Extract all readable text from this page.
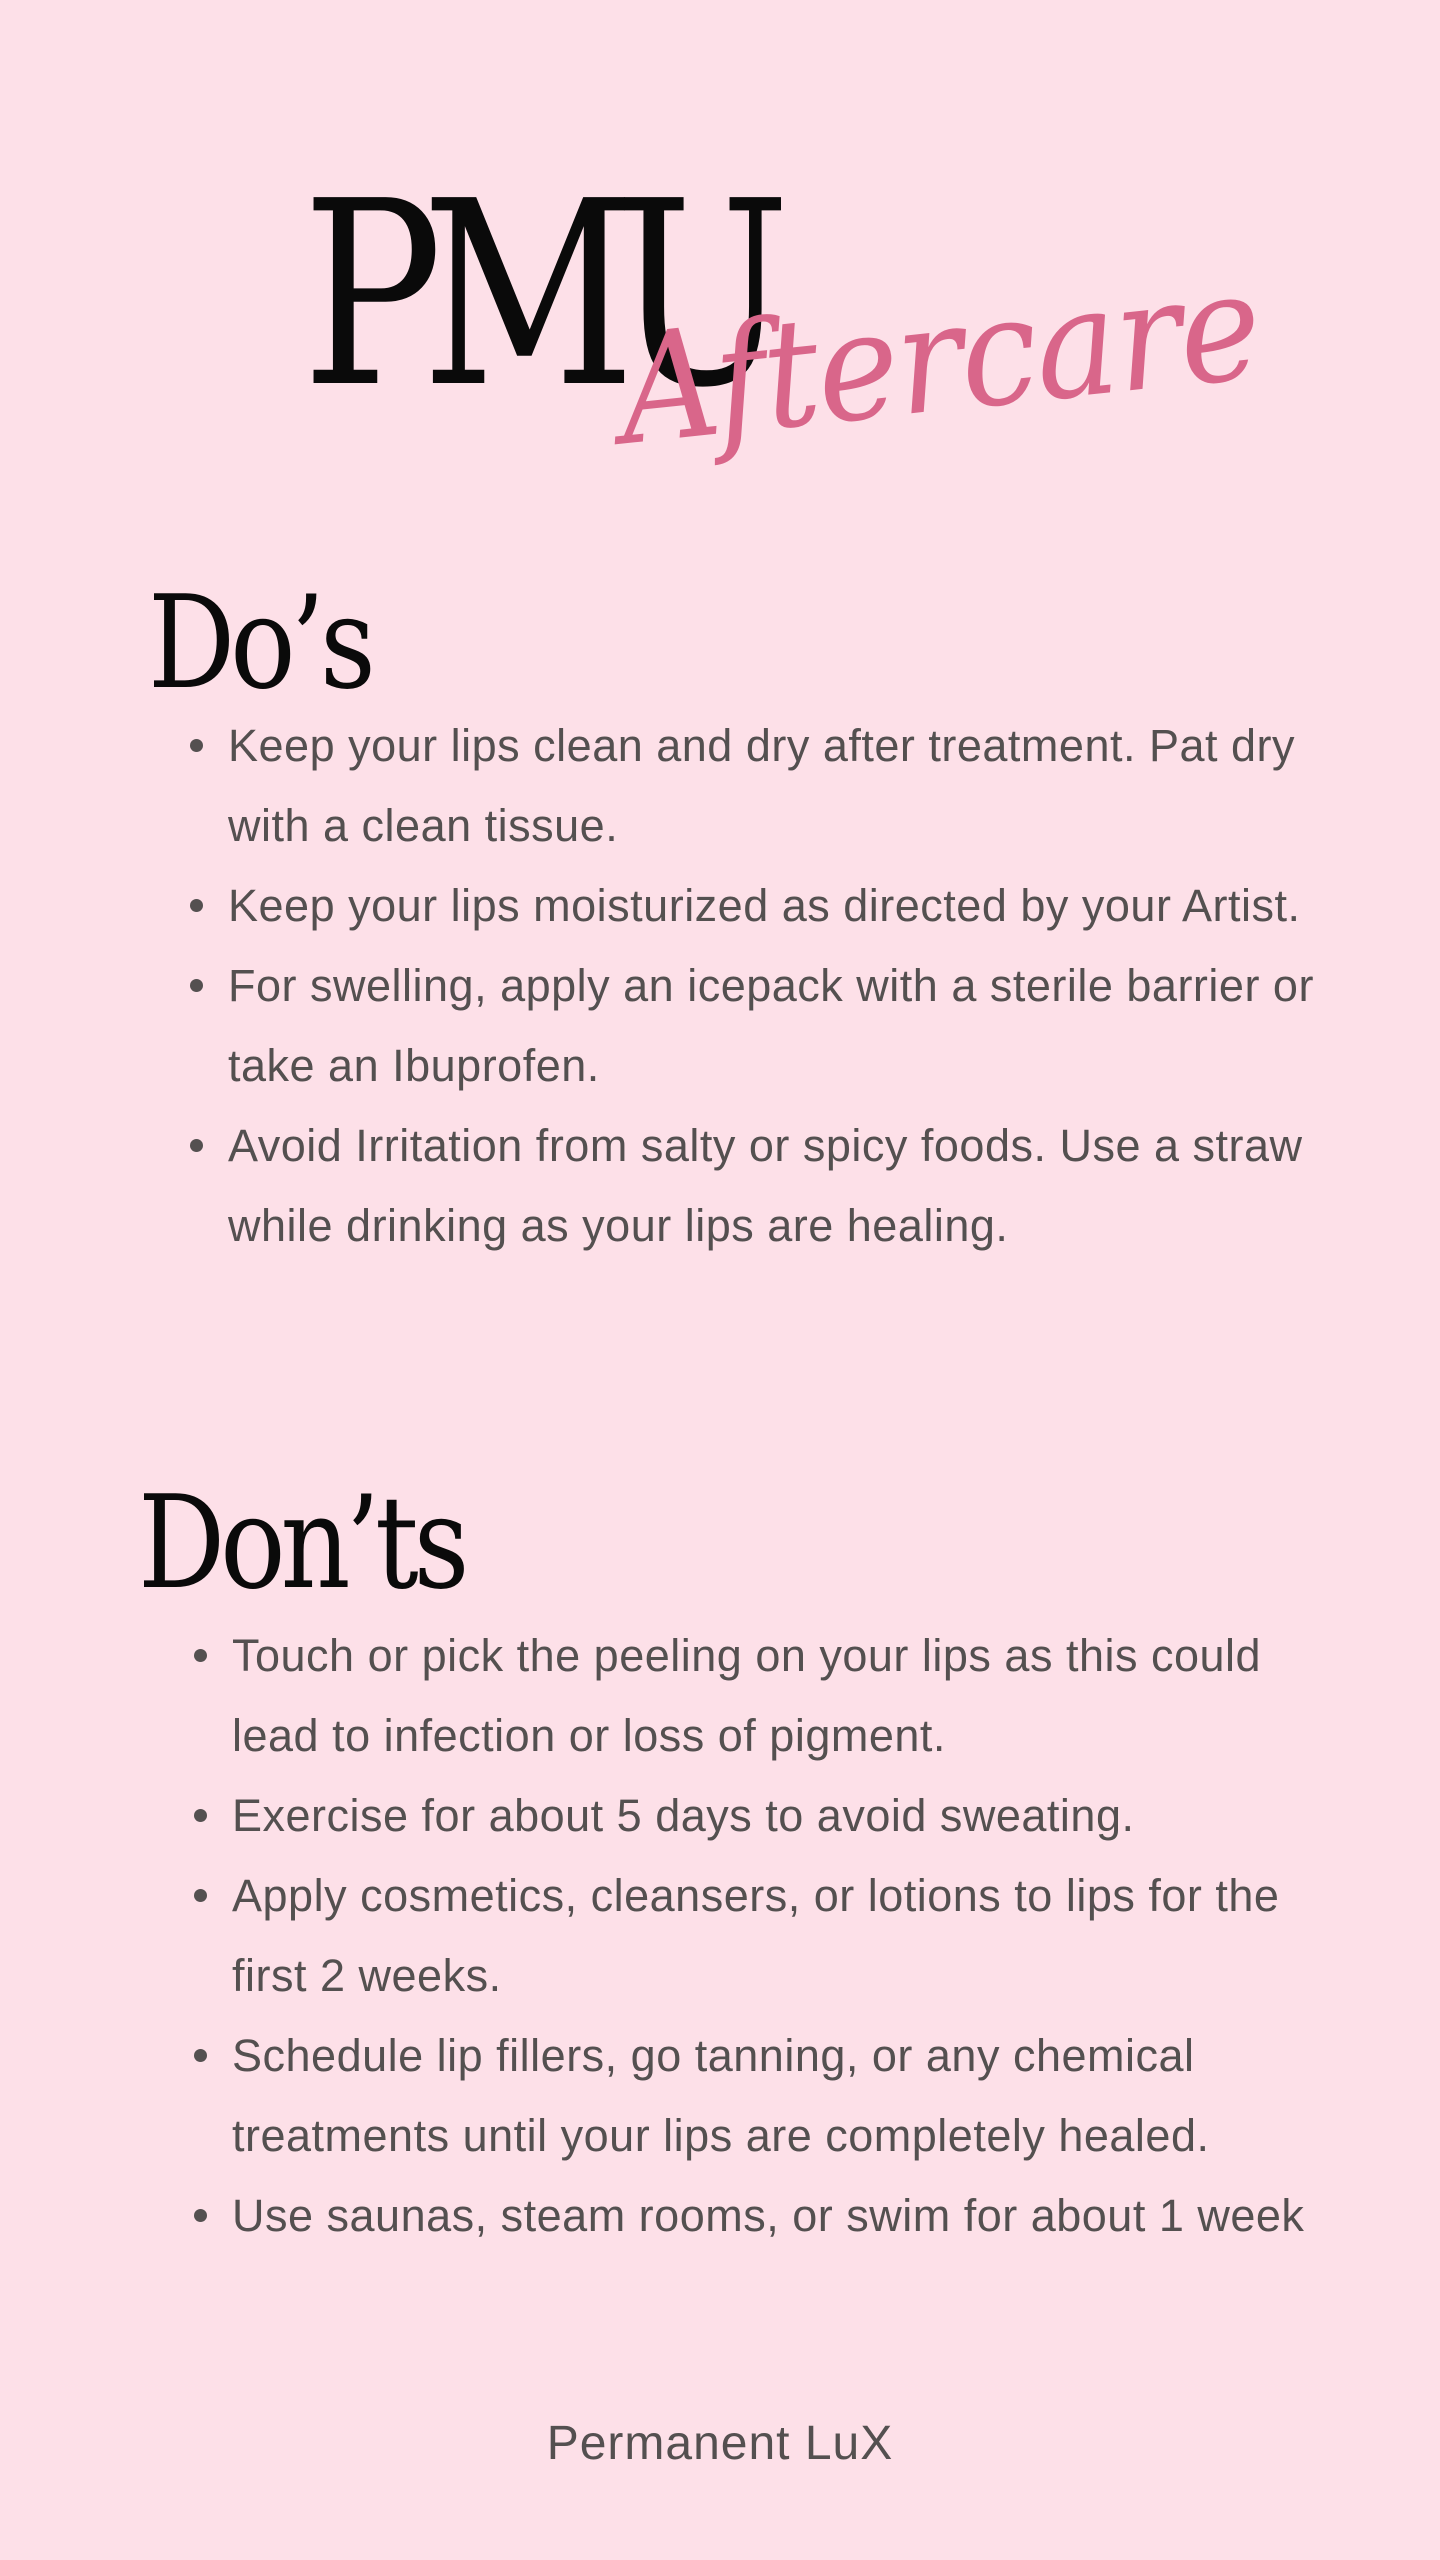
PMU
Aftercare
Do’s
Keep your lips clean and dry after treatment. Pat dry with a clean tissue.
Keep your lips moisturized as directed by your Artist.
For swelling, apply an icepack with a sterile barrier or take an Ibuprofen.
Avoid Irritation from salty or spicy foods. Use a straw while drinking as your lips are healing.
Don’ts
Touch or pick the peeling on your lips as this could lead to infection or loss of pigment.
Exercise for about 5 days to avoid sweating.
Apply cosmetics, cleansers, or lotions to lips for the first 2 weeks.
Schedule lip fillers, go tanning, or any chemical treatments until your lips are completely healed.
Use saunas, steam rooms, or swim for about 1 week
Permanent LuX
